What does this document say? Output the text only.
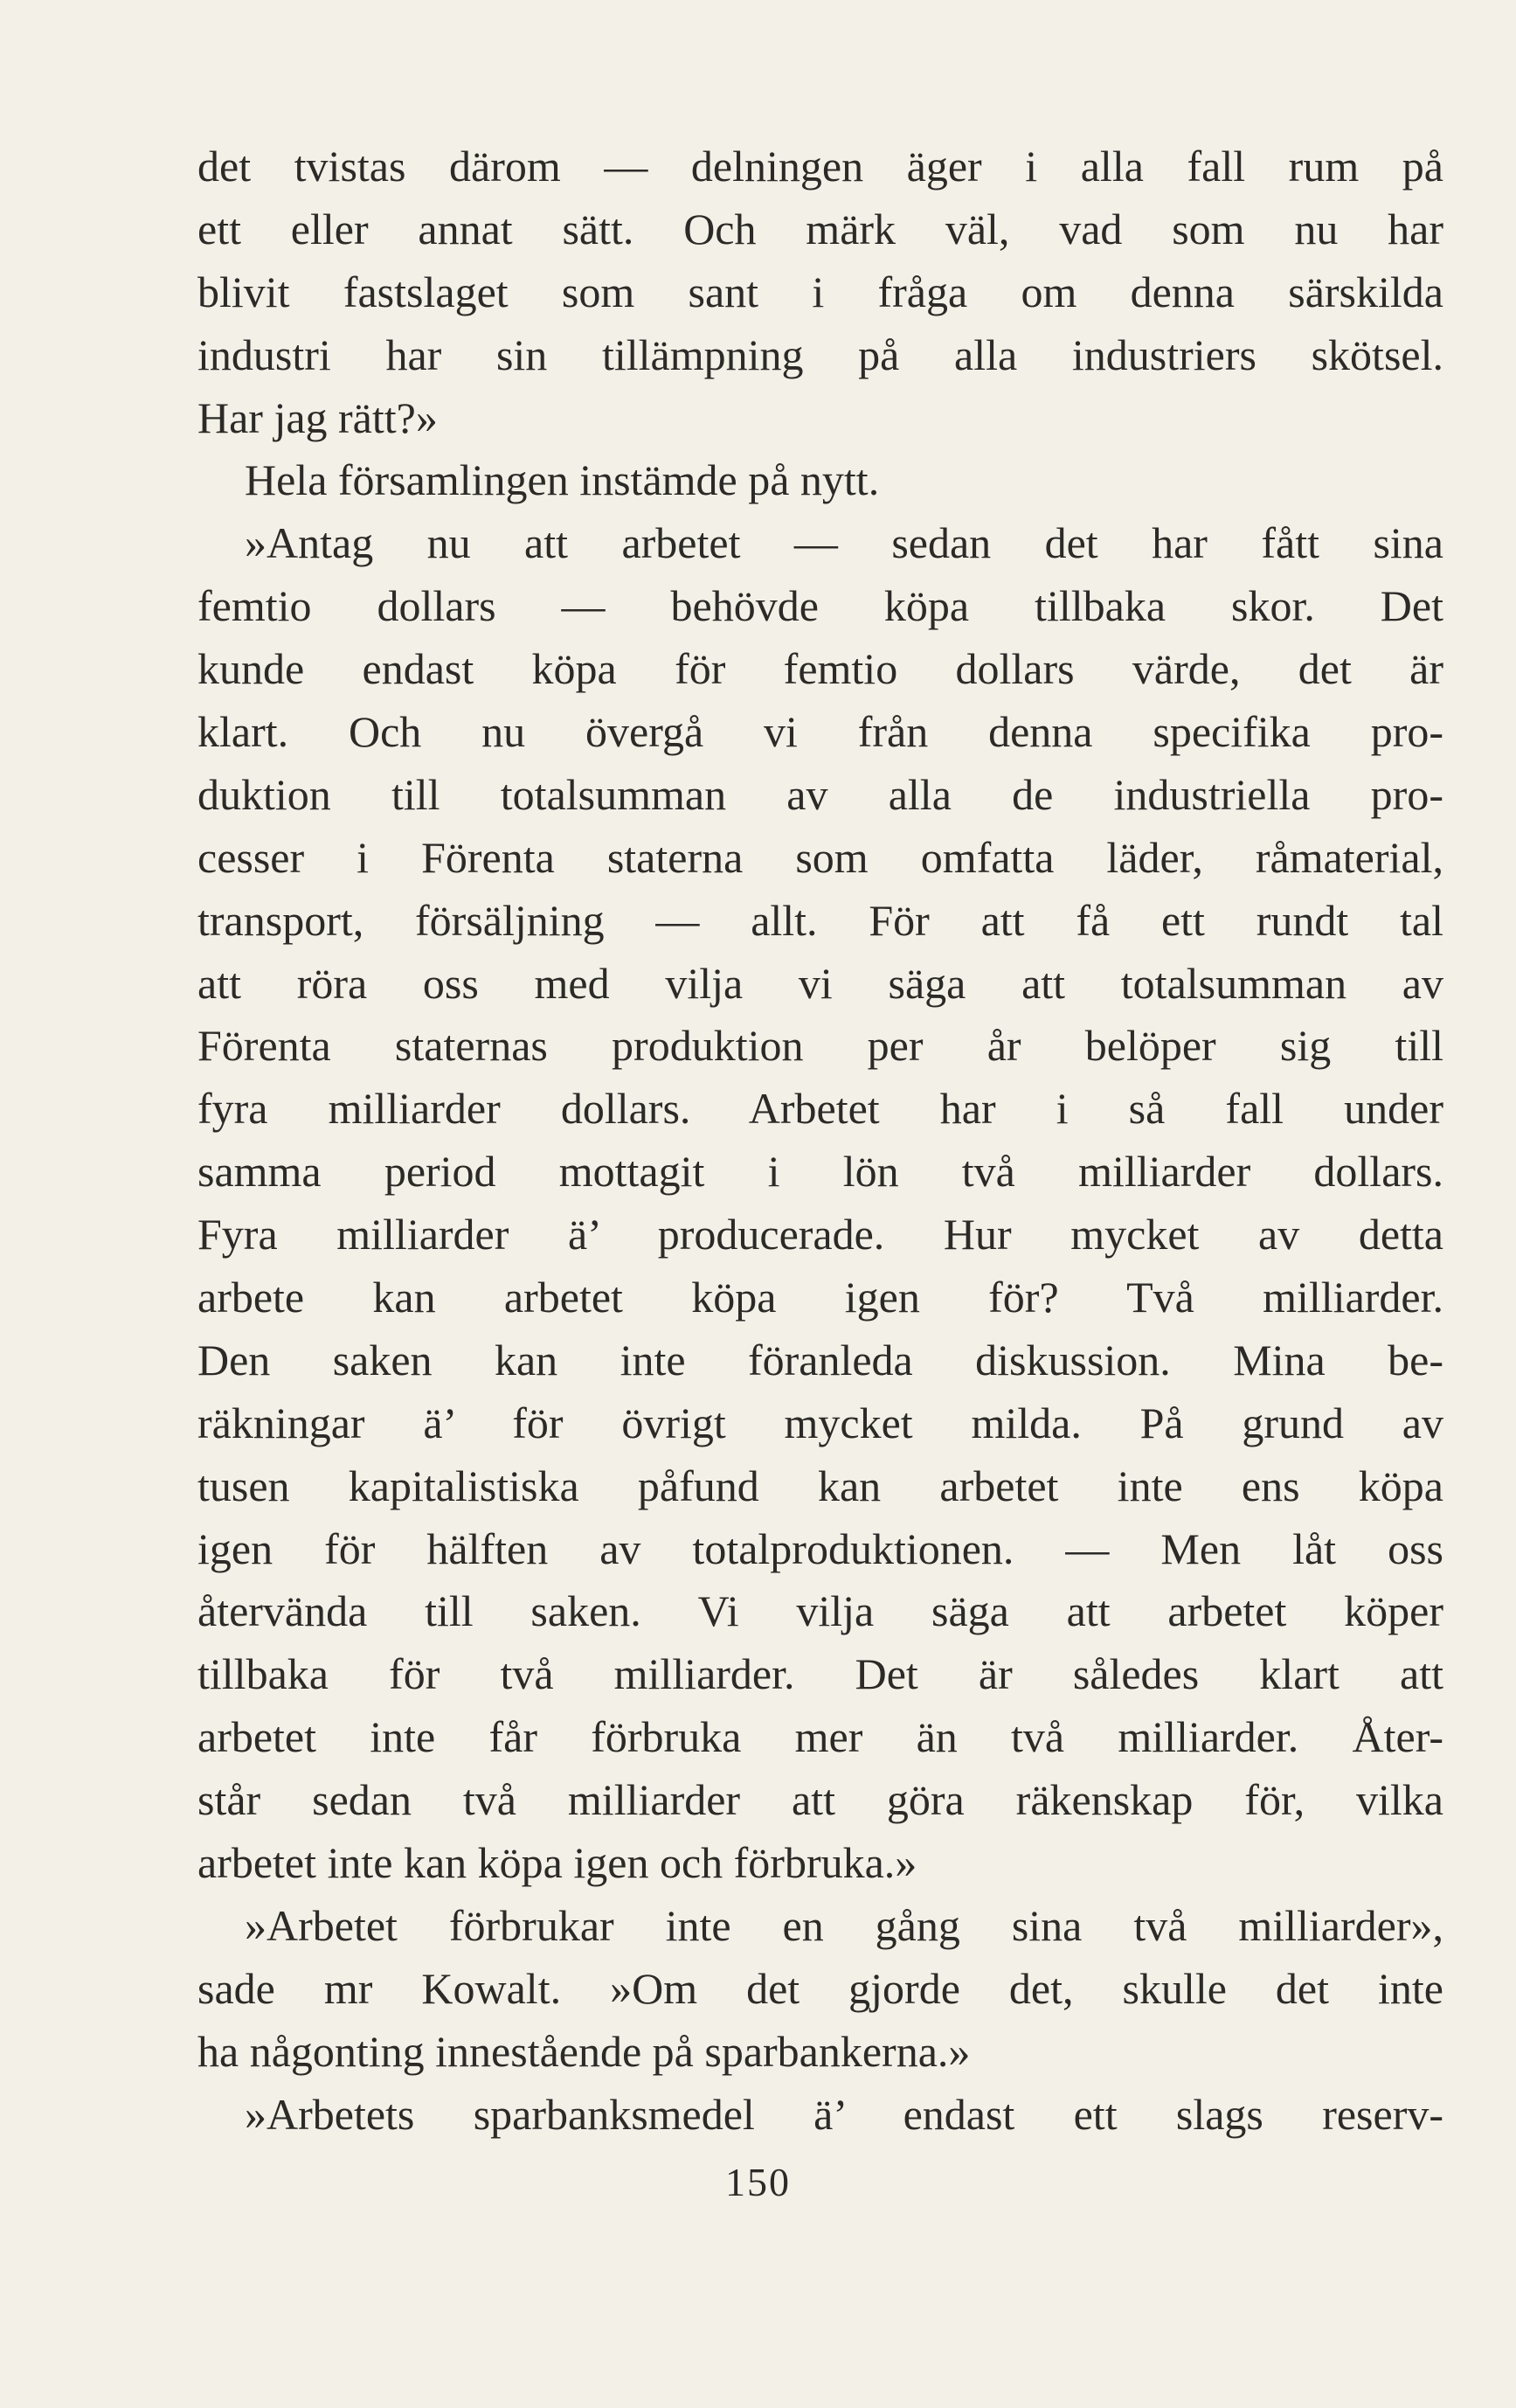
det tvistas därom — delningen äger i alla fall rum på
ett eller annat sätt. Och märk väl, vad som nu har
blivit fastslaget som sant i fråga om denna särskilda
industri har sin tillämpning på alla industriers skötsel.
Har jag rätt?»
Hela församlingen instämde på nytt.
»Antag nu att arbetet — sedan det har fått sina
femtio dollars — behövde köpa tillbaka skor. Det
kunde endast köpa för femtio dollars värde, det är
klart. Och nu övergå vi från denna specifika pro-
duktion till totalsumman av alla de industriella pro-
cesser i Förenta staterna som omfatta läder, råmaterial,
transport, försäljning — allt. För att få ett rundt tal
att röra oss med vilja vi säga att totalsumman av
Förenta staternas produktion per år belöper sig till
fyra milliarder dollars. Arbetet har i så fall under
samma period mottagit i lön två milliarder dollars.
Fyra milliarder ä’ producerade. Hur mycket av detta
arbete kan arbetet köpa igen för? Två milliarder.
Den saken kan inte föranleda diskussion. Mina be-
räkningar ä’ för övrigt mycket milda. På grund av
tusen kapitalistiska påfund kan arbetet inte ens köpa
igen för hälften av totalproduktionen. — Men låt oss
återvända till saken. Vi vilja säga att arbetet köper
tillbaka för två milliarder. Det är således klart att
arbetet inte får förbruka mer än två milliarder. Åter-
står sedan två milliarder att göra räkenskap för, vilka
arbetet inte kan köpa igen och förbruka.»
»Arbetet förbrukar inte en gång sina två milliarder»,
sade mr Kowalt. »Om det gjorde det, skulle det inte
ha någonting innestående på sparbankerna.»
»Arbetets sparbanksmedel ä’ endast ett slags reserv-
150
